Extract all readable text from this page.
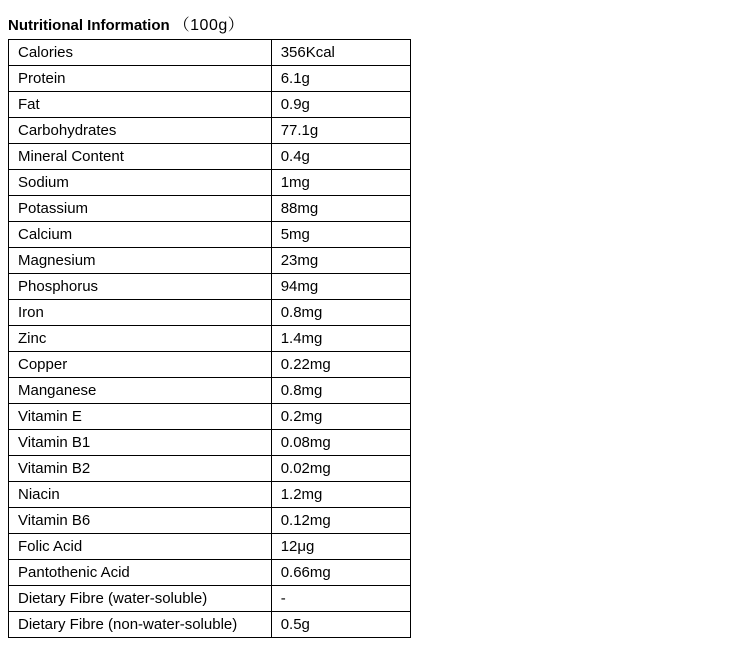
Nutritional Information （100g）
Calories	356Kcal
Protein	6.1g
Fat	0.9g
Carbohydrates	77.1g
Mineral Content	0.4g
Sodium	1mg
Potassium	88mg
Calcium	5mg
Magnesium	23mg
Phosphorus	94mg
Iron	0.8mg
Zinc	1.4mg
Copper	0.22mg
Manganese	0.8mg
Vitamin E	0.2mg
Vitamin B1	0.08mg
Vitamin B2	0.02mg
Niacin	1.2mg
Vitamin B6	0.12mg
Folic Acid	12μg
Pantothenic Acid	0.66mg
Dietary Fibre (water-soluble)	-
Dietary Fibre (non-water-soluble)	0.5g
